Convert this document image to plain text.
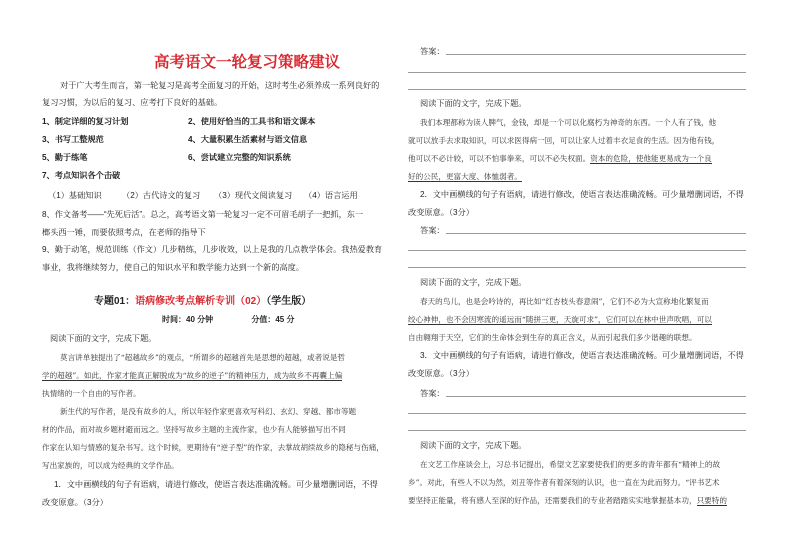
高考语文一轮复习策略建议
对于广大考生而言，第一轮复习是高考全面复习的开始，这时考生必须养成一系列良好的
复习习惯，为以后的复习、应考打下良好的基础。
1、制定详细的复习计划	2、使用好恰当的工具书和语文课本
3、书写工整规范	4、大量积累生活素材与语文信息
5、勤于练笔	6、尝试建立完整的知识系统
7、考点知识各个击破
（1）基础知识 （2）古代诗文的复习 （3）现代文阅读复习 （4）语言运用
8、作文备考——“先死后活”。总之，高考语文第一轮复习一定不可眉毛胡子一把抓，东一
榔头西一锤，而要依照考点，在老师的指导下
9、勤于动笔，规范训练（作文）几步精练，几步收效，以上是我的几点教学体会。我热爱教育
事业，我将继续努力，使自己的知识水平和教学能力达到一个新的高度。
专题01：语病修改考点解析专训（02）（学生版）
时间：40 分钟	分值：45 分
阅读下面的文字，完成下题。
莫言讲单独提出了“超越故乡”的观点，“所谓乡的超越首先是思想的超越，或者说是哲
学的超越”。如此，作家才能真正解脱成为“故乡的逆子”的精神压力，成为故乡不再囊上偏
执情绪的一个自由的写作者。
新生代的写作者，是没有故乡的人，所以年轻作家更喜欢写科幻、玄幻、穿越、都市等题
材的作品，而对故乡题材避而远之。坚持写故乡主题的主流作家，也少有人能够描写出不同
作家在认知与情感的复杂书写。这个时候，更期待有“逆子型”的作家，去掌故胡续故乡的隐秘与伤痛，
写出家族的，可以成为经典的文学作品。
1．文中画横线的句子有语病，请进行修改，使语言表达准确流畅。可少量增删词语，不得
改变原意。（3分）
答案：
阅读下面的文字，完成下题。
我们本理都称为读人脾气，金钱，却是一个可以化腐朽为神奇的东西。一个人有了钱，他
就可以放手去求取知识，可以求医得病一回，可以让家人过着丰衣足食的生活。因为他有钱，
他可以不必计较，可以不怕事拳来，可以不必失权面。资本的危险，使他能更易成为一个良
好的公民，更富大度、体恤弱者。
2．文中画横线的句子有语病，请进行修改，使语言表达准确流畅。可少量增删词语，不得
改变原意。（3分）
答案：
阅读下面的文字，完成下题。
春天的鸟儿，也是会吟诗的，再比如“红杏枝头春意闹”，它们不必为大宣称地化繁复而
绞心神伸，也不会因寒流的遥远而“随拼三更，天旋可求”，它们可以在林中世声吹唱，可以
自由翱翔于天空，它们的生命体会到生存的真正含义，从而引起我们多少谐趣的联想。
3．文中画横线的句子有语病，请进行修改，使语言表达准确流畅。可少量增删词语，不得
改变原意。（3分）
答案：
阅读下面的文字，完成下题。
在文艺工作座谈会上，习总书记提出，希望文艺家要使我们的更多的青年都有“精神上的故
乡”。对此，有些人不以为然，刘丑等作者有着深刻的认识，也一直在为此而努力。“评书艺术
要坚持正能量，将有感人至深的好作品，还需要我们的专业者踏踏实实地掌握基本功，只要特的
